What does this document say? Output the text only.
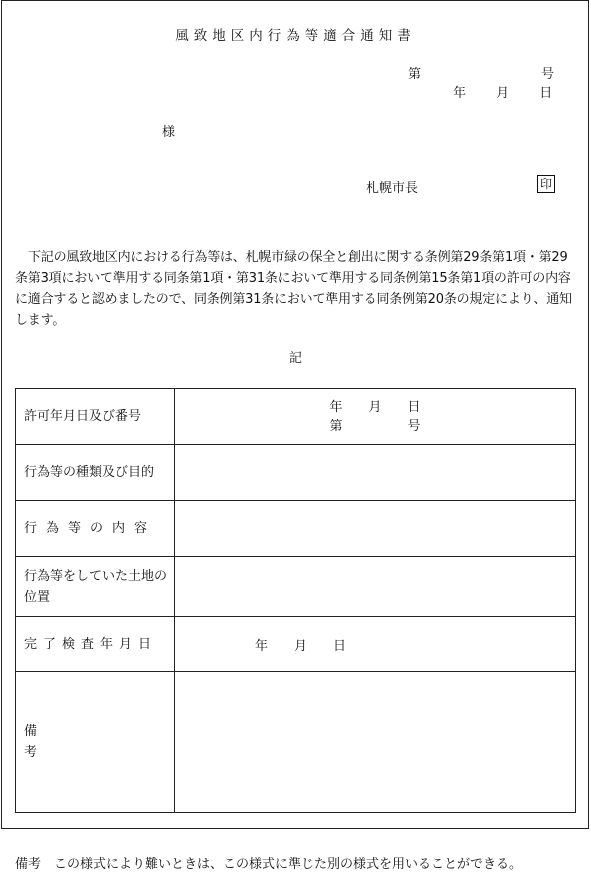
風致地区内行為等適合通知書
第	号
年 月 日
様
札幌市長	印
下記の風致地区内における行為等は、札幌市緑の保全と創出に関する条例第29条第1項・第29条第3項において準用する同条第1項・第31条において準用する同条例第15条第1項の許可の内容に適合すると認めましたので、同条例第31条において準用する同条例第20条の規定により、通知します。
記
許可年月日及び番号	年　　月　　日
第　　　　　号

行為等の種類及び目的	

行為等の内容	

行為等をしていた土地の位置	
完了検査年月日	年　　月　　日

備考	

備考　この様式により難いときは、この様式に準じた別の様式を用いることができる。
